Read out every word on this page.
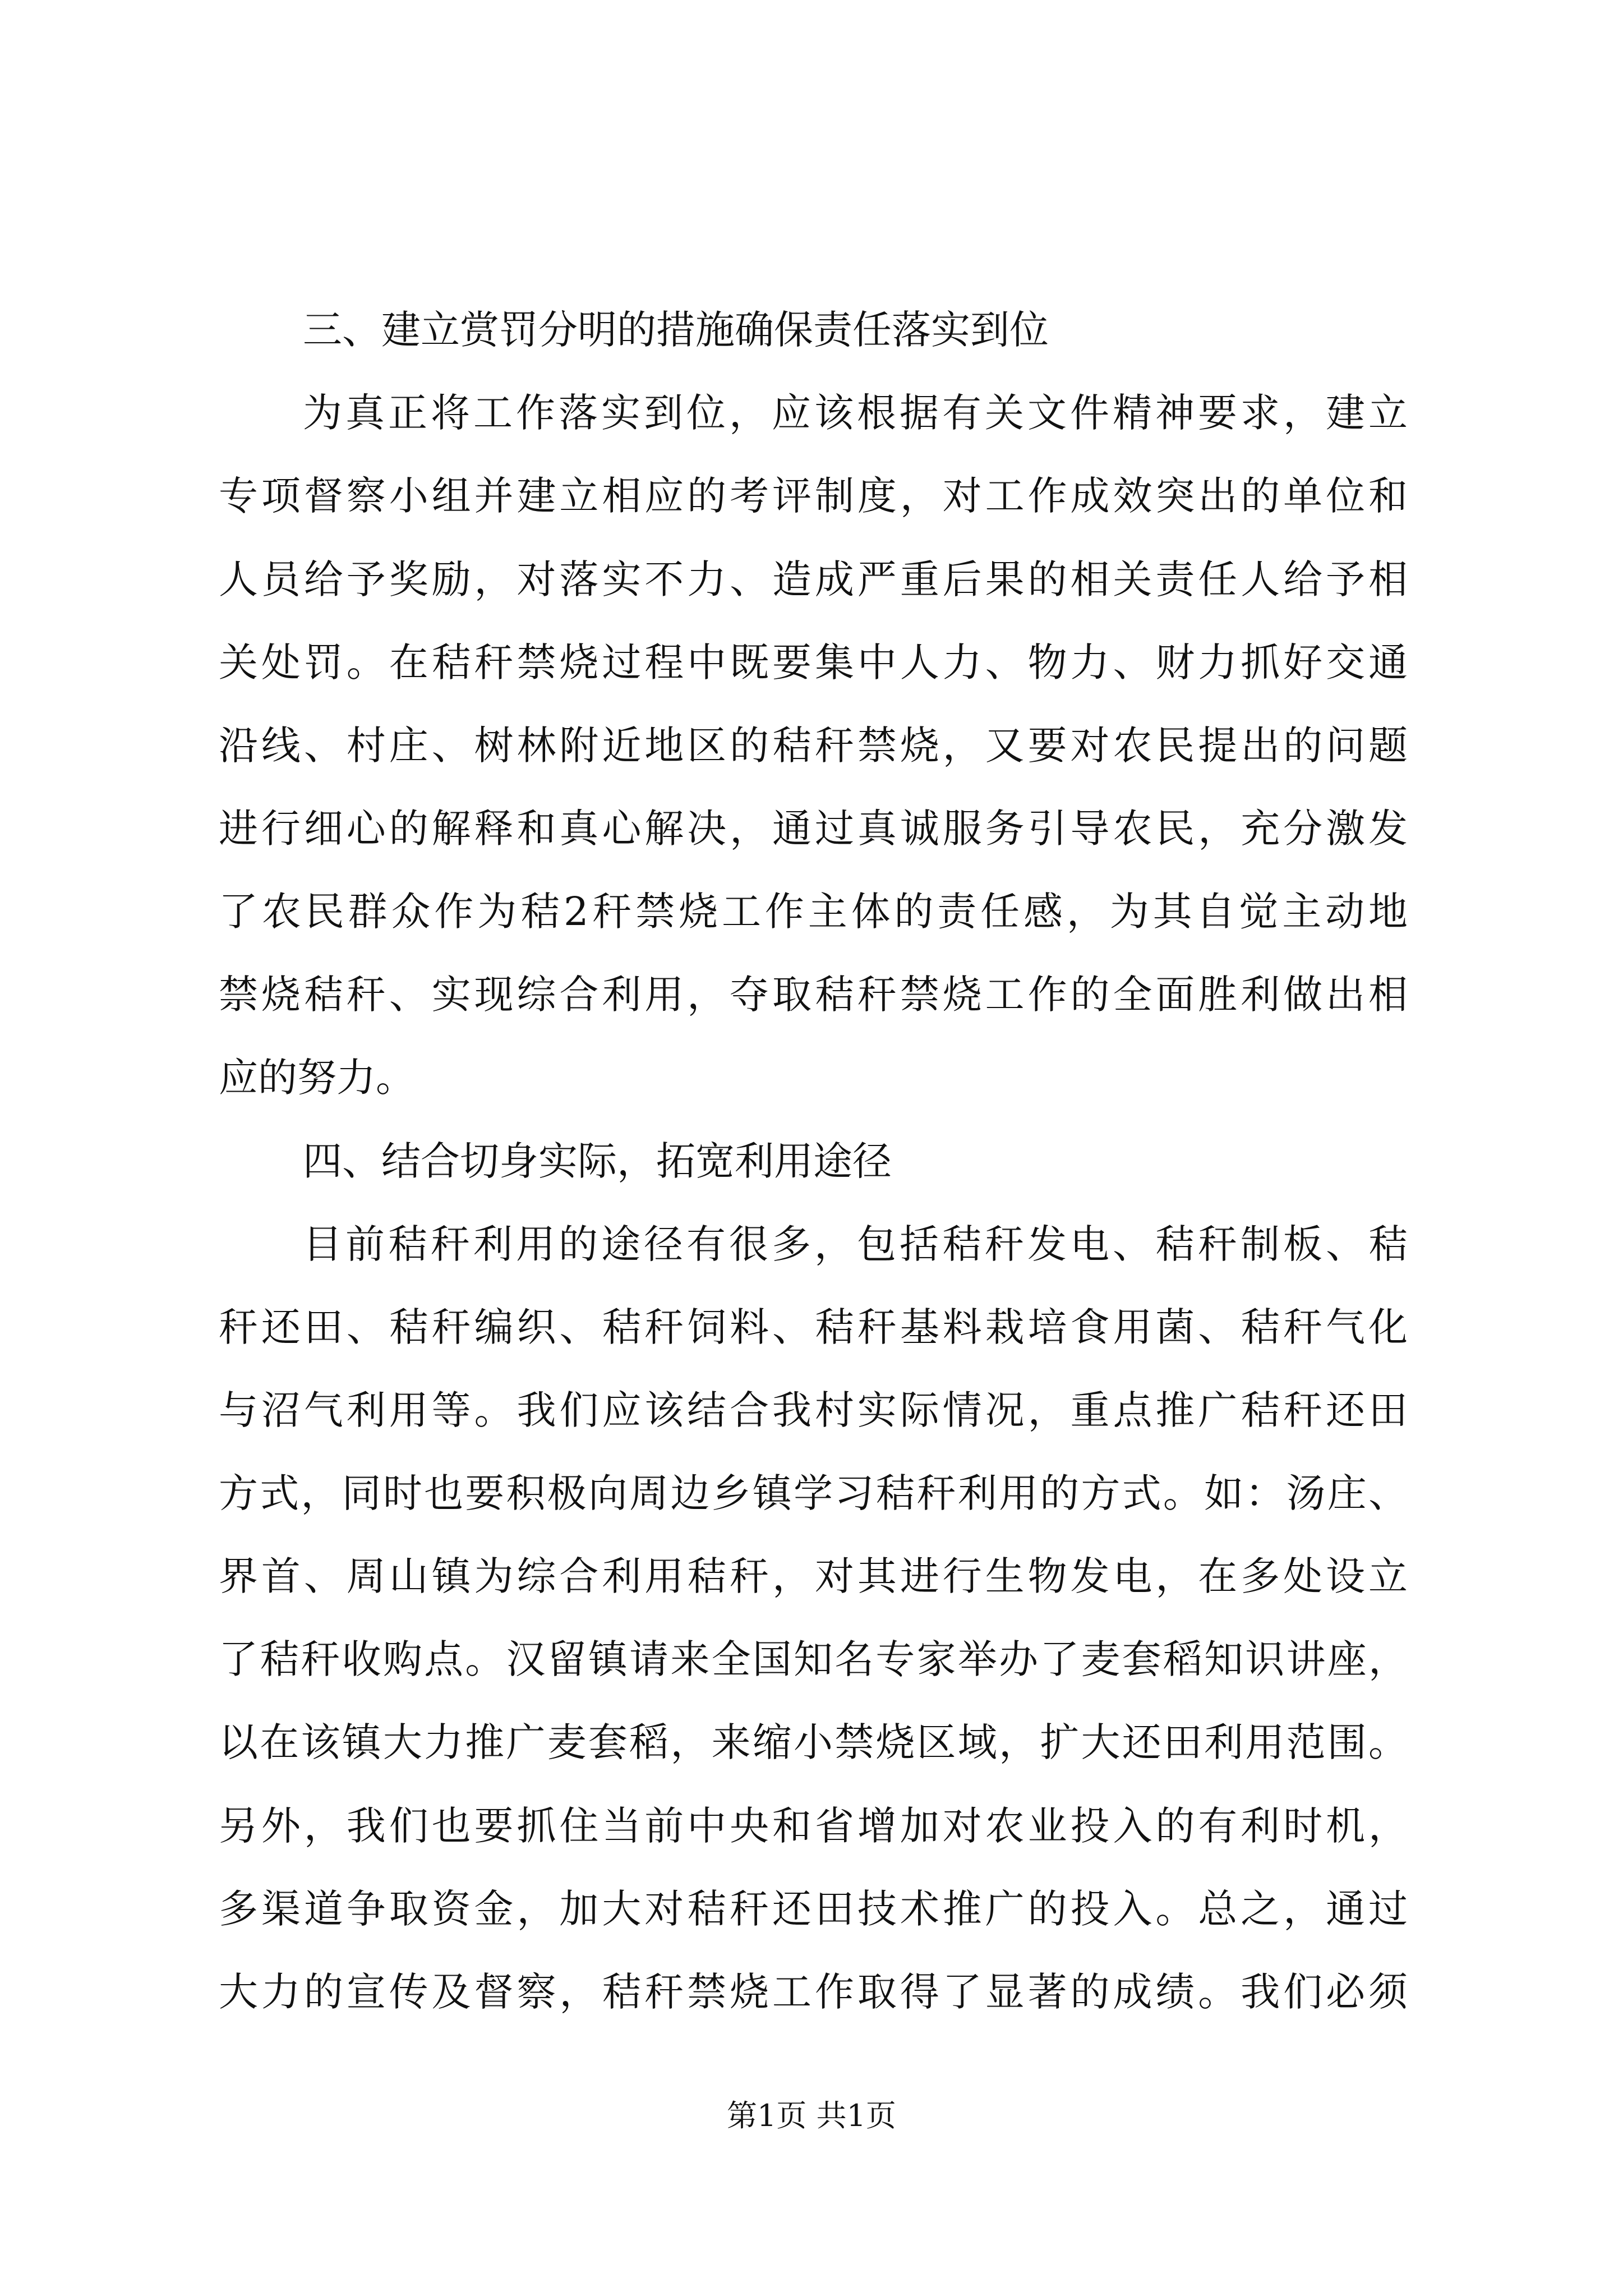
三、建立赏罚分明的措施确保责任落实到位
为真正将工作落实到位，应该根据有关文件精神要求，建立
专项督察小组并建立相应的考评制度，对工作成效突出的单位和
人员给予奖励，对落实不力、造成严重后果的相关责任人给予相
关处罚。在秸秆禁烧过程中既要集中人力、物力、财力抓好交通
沿线、村庄、树林附近地区的秸秆禁烧，又要对农民提出的问题
进行细心的解释和真心解决，通过真诚服务引导农民，充分激发
了农民群众作为秸2秆禁烧工作主体的责任感，为其自觉主动地
禁烧秸秆、实现综合利用，夺取秸秆禁烧工作的全面胜利做出相
应的努力。
四、结合切身实际，拓宽利用途径
目前秸秆利用的途径有很多，包括秸秆发电、秸秆制板、秸
秆还田、秸秆编织、秸秆饲料、秸秆基料栽培食用菌、秸秆气化
与沼气利用等。我们应该结合我村实际情况，重点推广秸秆还田
方式，同时也要积极向周边乡镇学习秸秆利用的方式。如：汤庄、
界首、周山镇为综合利用秸秆，对其进行生物发电，在多处设立
了秸秆收购点。汉留镇请来全国知名专家举办了麦套稻知识讲座，
以在该镇大力推广麦套稻，来缩小禁烧区域，扩大还田利用范围。
另外，我们也要抓住当前中央和省增加对农业投入的有利时机，
多渠道争取资金，加大对秸秆还田技术推广的投入。总之，通过
大力的宣传及督察，秸秆禁烧工作取得了显著的成绩。我们必须
第1页 共1页
